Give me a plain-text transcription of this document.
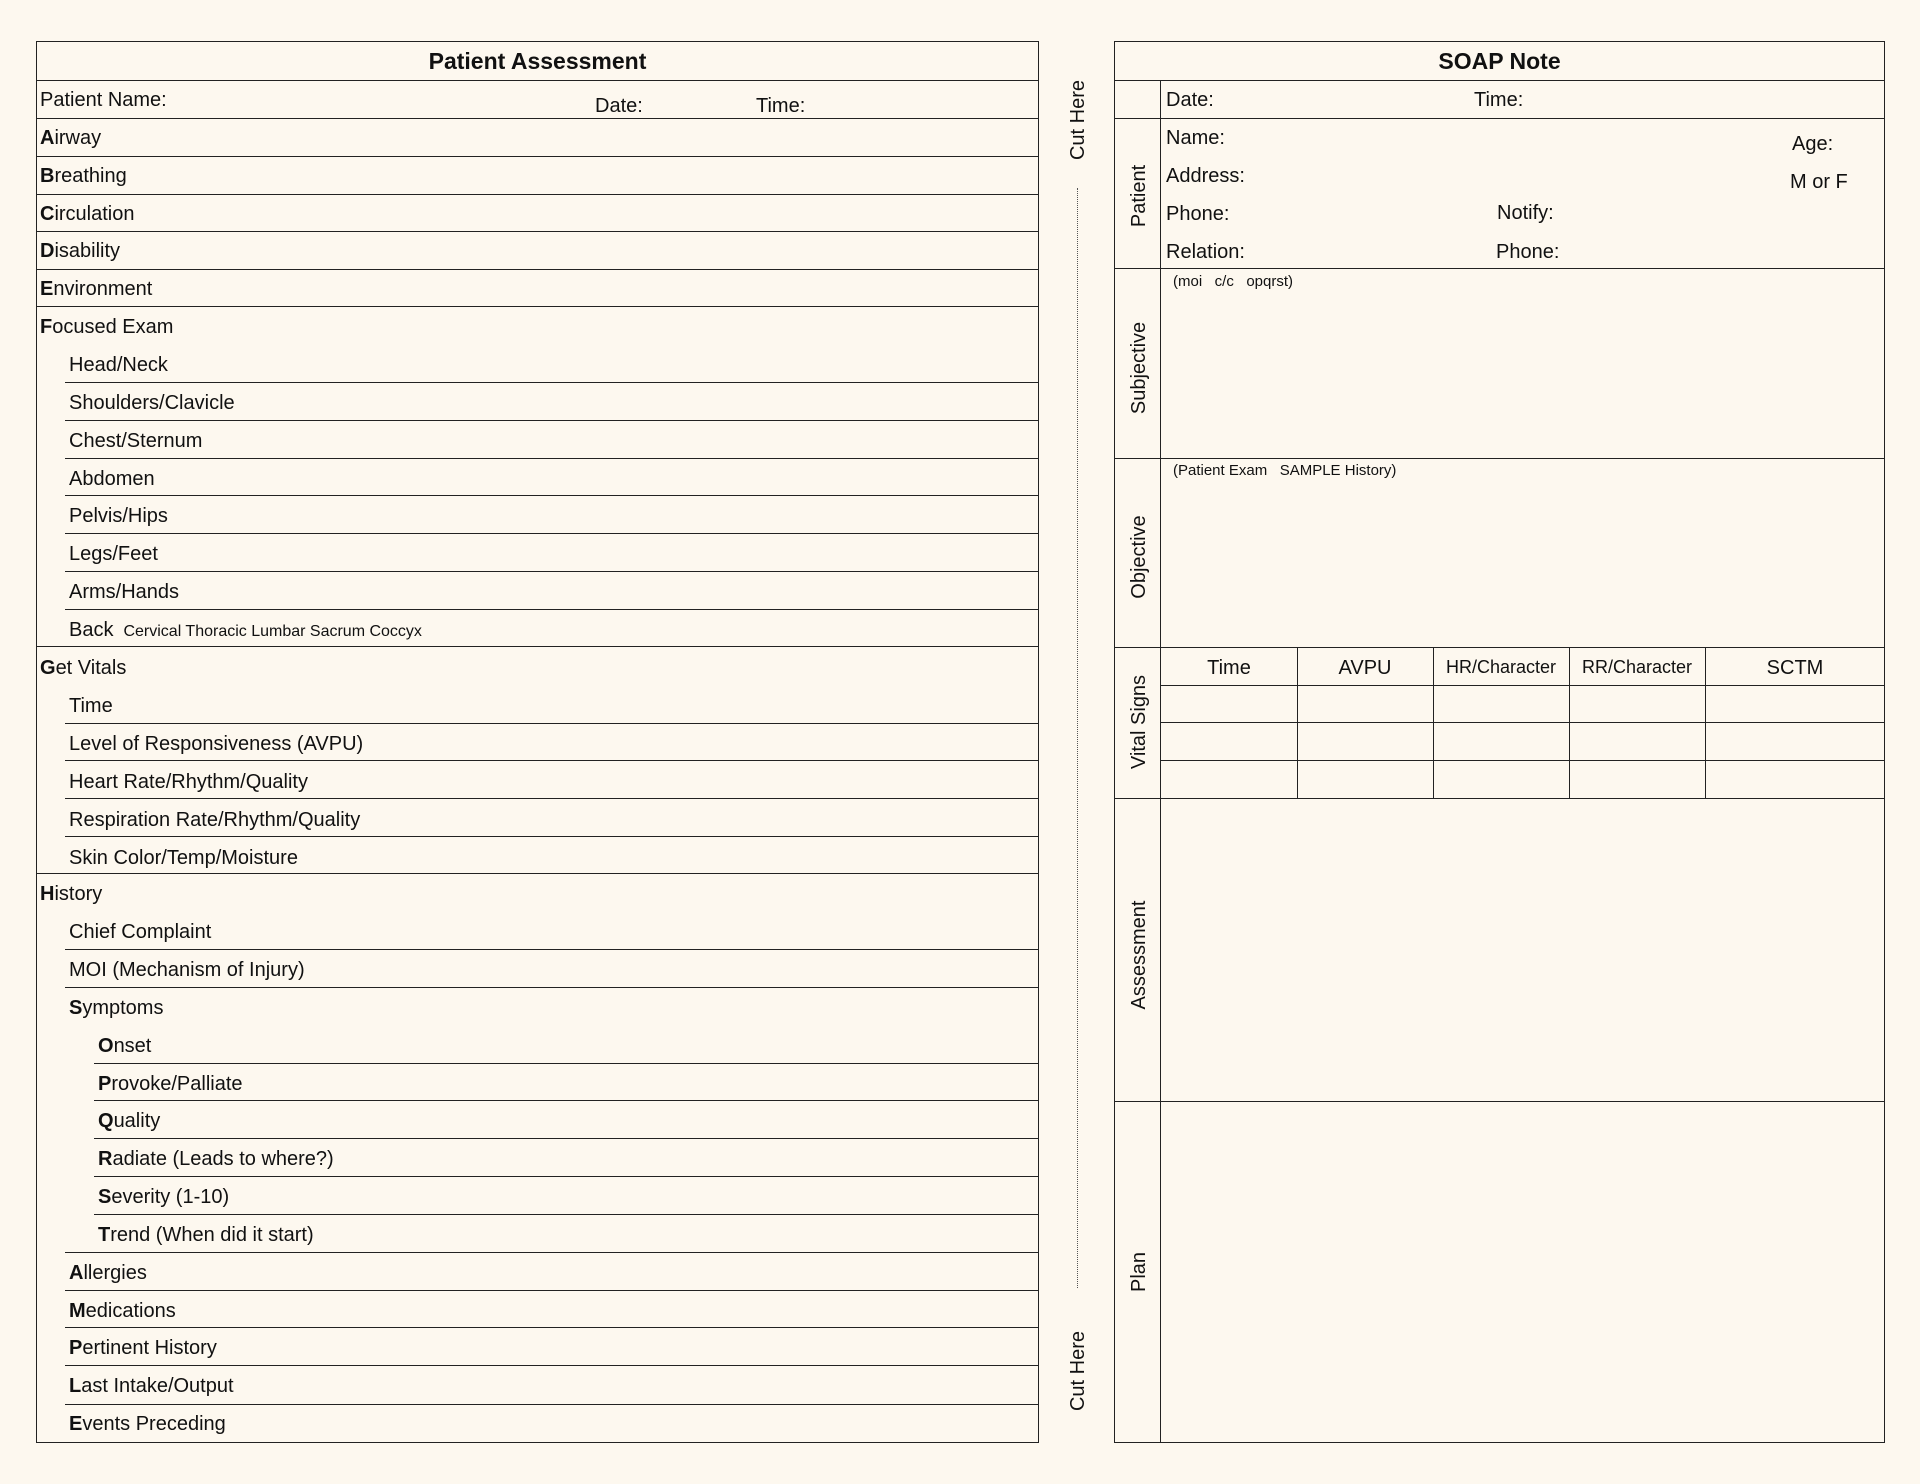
Patient Assessment
Patient Name:	Date:	Time:
Airway
Breathing
Circulation
Disability
Environment
Focused Exam
Head/Neck
Shoulders/Clavicle
Chest/Sternum
Abdomen
Pelvis/Hips
Legs/Feet
Arms/Hands
Back Cervical Thoracic Lumbar Sacrum Coccyx
Get Vitals
Time
Level of Responsiveness (AVPU)
Heart Rate/Rhythm/Quality
Respiration Rate/Rhythm/Quality
Skin Color/Temp/Moisture
History
Chief Complaint
MOI (Mechanism of Injury)
Symptoms
Onset
Provoke/Palliate
Quality
Radiate (Leads to where?)
Severity (1-10)
Trend (When did it start)
Allergies
Medications
Pertinent History
Last Intake/Output
Events Preceding
Cut Here
Cut Here
SOAP Note
Date:	Time:
Patient
Name:	Age:
Address:	M or F
Phone:	Notify:
Relation:	Phone:
Subjective
(moi   c/c   opqrst)
Objective
(Patient Exam   SAMPLE History)
Vital Signs
Time	AVPU	HR/Character	RR/Character	SCTM
Assessment
Plan
